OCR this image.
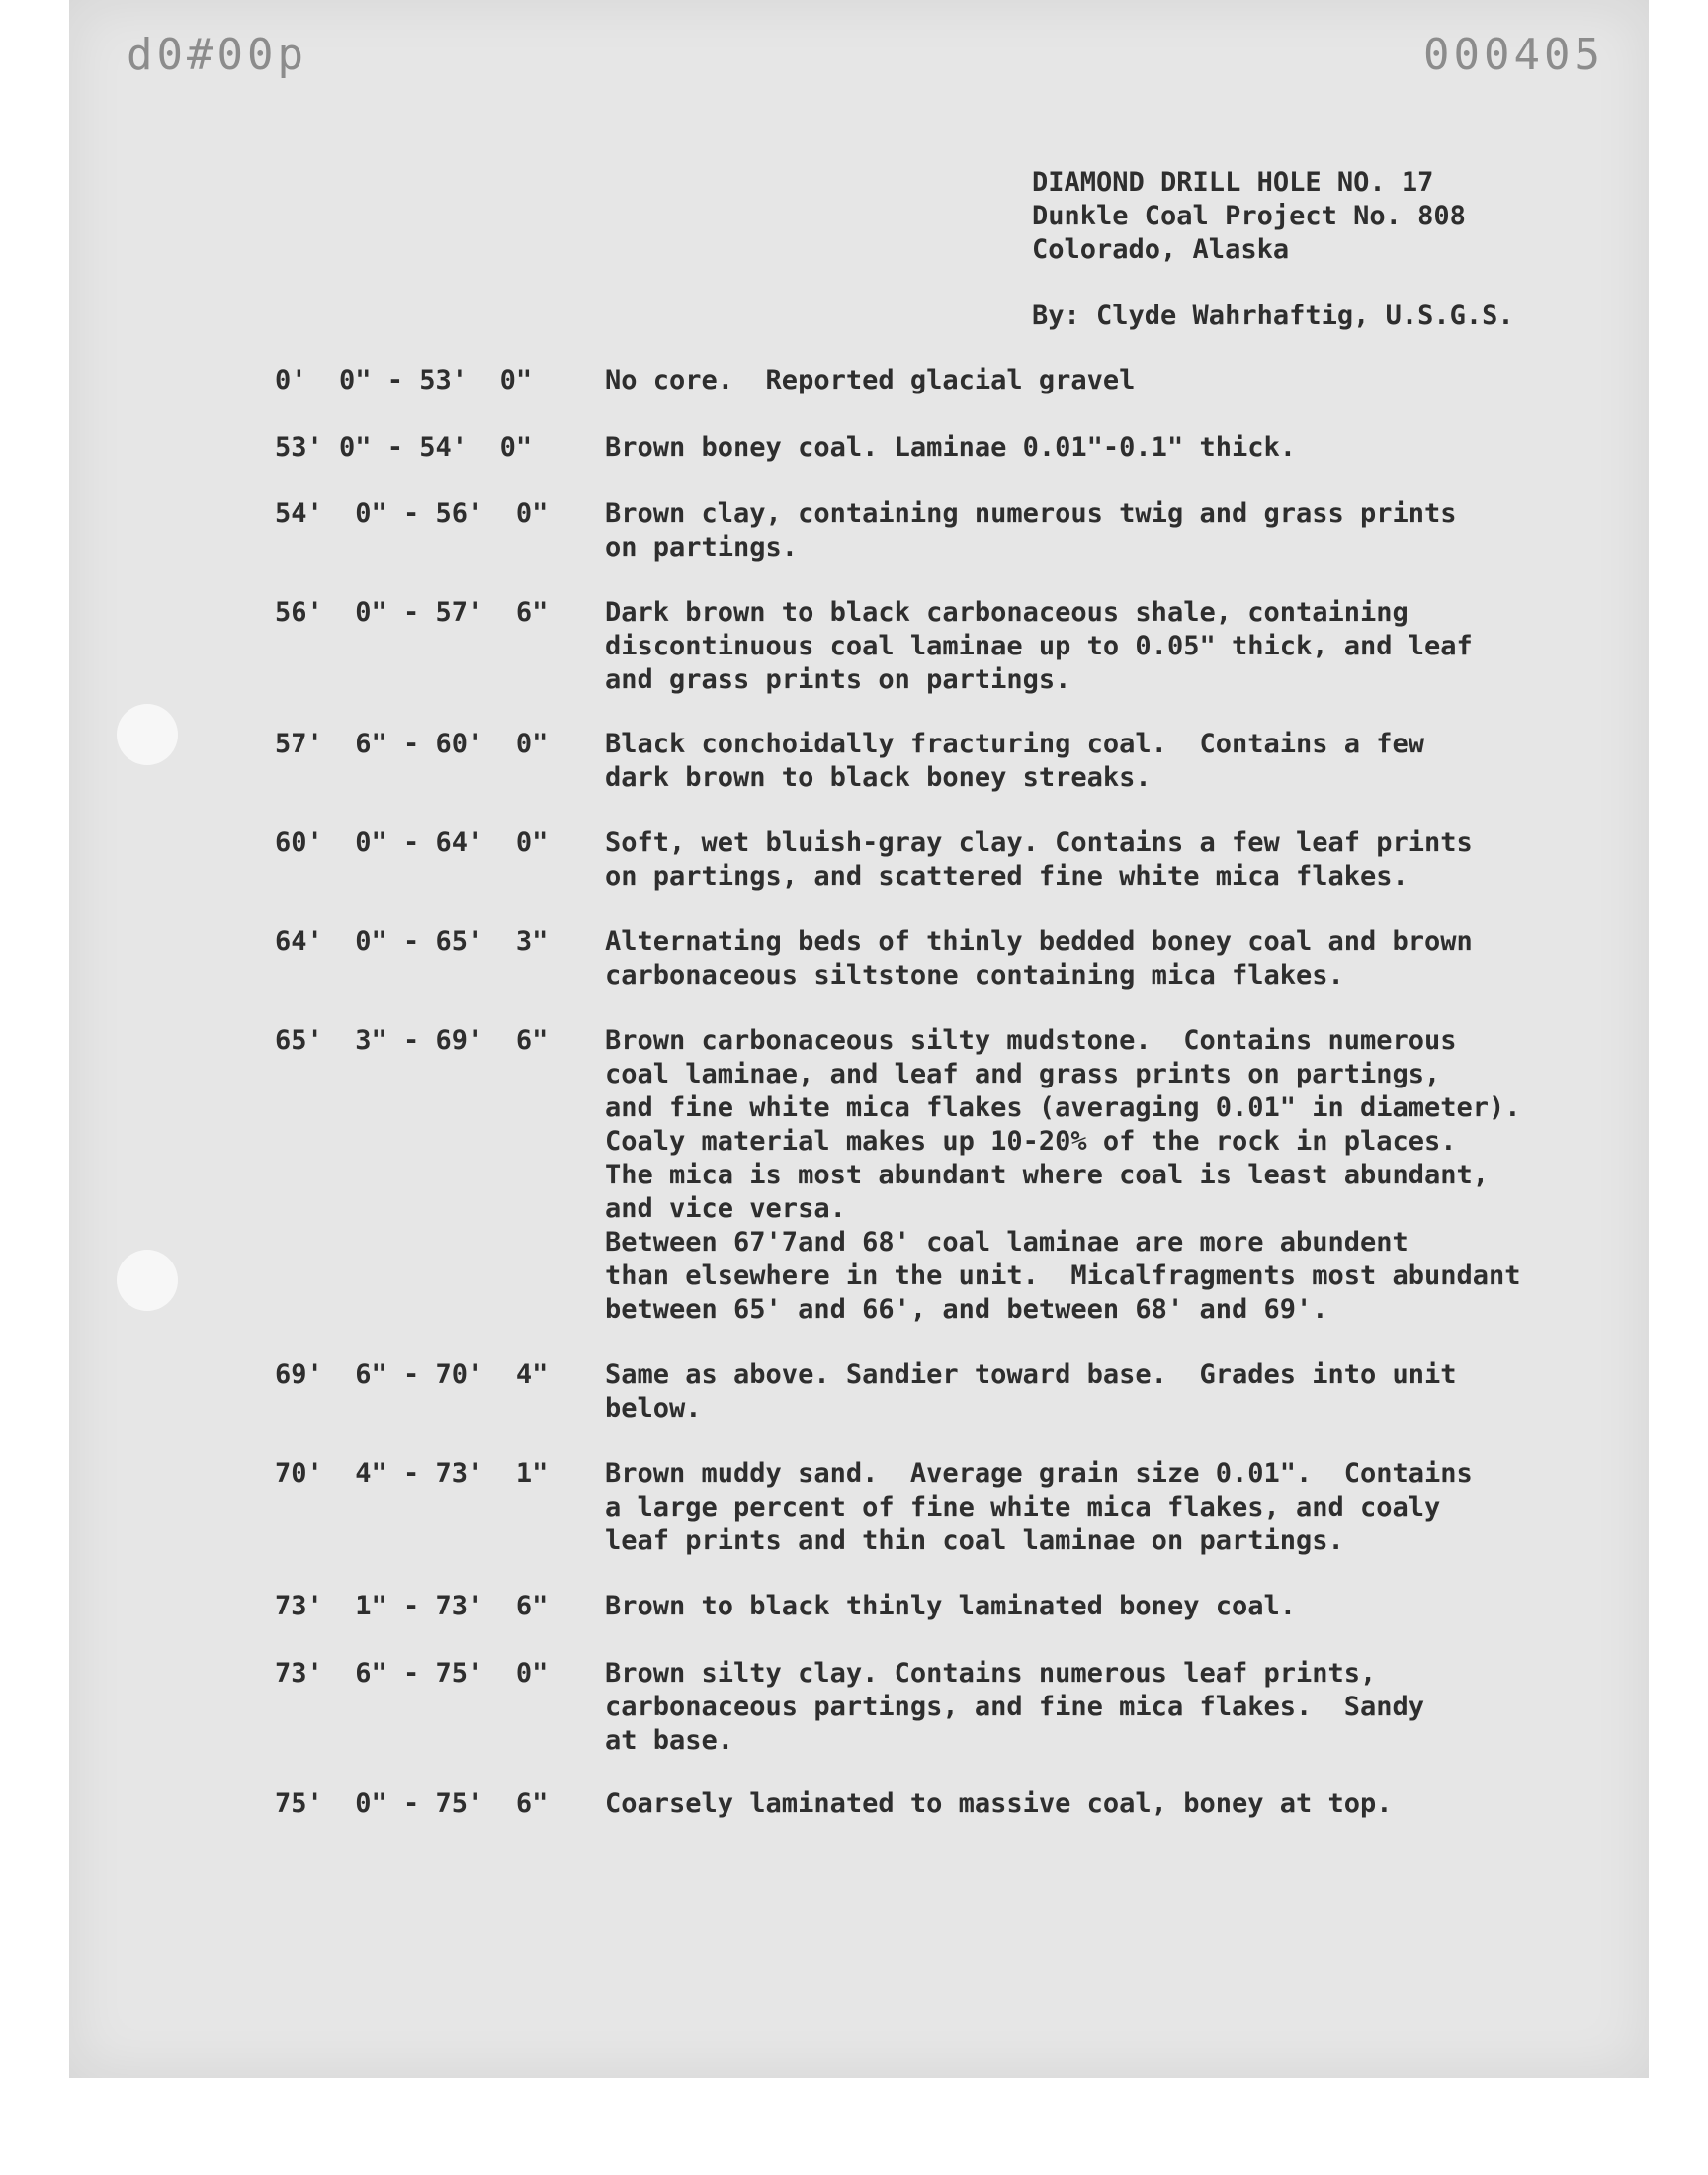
d0#00p	000405
DIAMOND DRILL HOLE NO. 17
Dunkle Coal Project No. 808
Colorado, Alaska
By: Clyde Wahrhaftig, U.S.G.S.
0'  0" - 53'  0"	No core.  Reported glacial gravel
53' 0" - 54'  0"	Brown boney coal. Laminae 0.01"-0.1" thick.
54'  0" - 56'  0"	Brown clay, containing numerous twig and grass prints
on partings.
56'  0" - 57'  6"	Dark brown to black carbonaceous shale, containing
discontinuous coal laminae up to 0.05" thick, and leaf
and grass prints on partings.
57'  6" - 60'  0"	Black conchoidally fracturing coal.  Contains a few
dark brown to black boney streaks.
60'  0" - 64'  0"	Soft, wet bluish-gray clay. Contains a few leaf prints
on partings, and scattered fine white mica flakes.
64'  0" - 65'  3"	Alternating beds of thinly bedded boney coal and brown
carbonaceous siltstone containing mica flakes.
65'  3" - 69'  6"	Brown carbonaceous silty mudstone.  Contains numerous
coal laminae, and leaf and grass prints on partings,
and fine white mica flakes (averaging 0.01" in diameter).
Coaly material makes up 10-20% of the rock in places.
The mica is most abundant where coal is least abundant,
and vice versa.
Between 67'7and 68' coal laminae are more abundent
than elsewhere in the unit.  Micalfragments most abundant
between 65' and 66', and between 68' and 69'.
69'  6" - 70'  4"	Same as above. Sandier toward base.  Grades into unit
below.
70'  4" - 73'  1"	Brown muddy sand.  Average grain size 0.01".  Contains
a large percent of fine white mica flakes, and coaly
leaf prints and thin coal laminae on partings.
73'  1" - 73'  6"	Brown to black thinly laminated boney coal.
73'  6" - 75'  0"	Brown silty clay. Contains numerous leaf prints,
carbonaceous partings, and fine mica flakes.  Sandy
at base.
75'  0" - 75'  6"	Coarsely laminated to massive coal, boney at top.
